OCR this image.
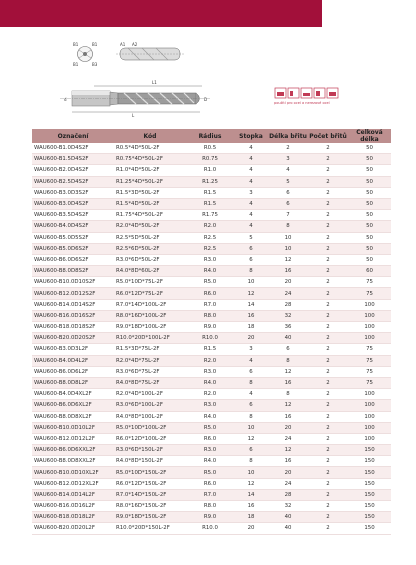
B1	B1
B1	B3
A1 A2
L1
d	D
L
použití pro ocel a nerezové ocel
Označení	Kód	Rádius	Stopka	Délka břitu	Počet břitů	Celková délka
WAU600-B1.0D4S2F	R0.5*4D*50L-2F	R0.5	4	2	2	50
WAU600-B1.5D4S2F	R0.75*4D*50L-2F	R0.75	4	3	2	50
WAU600-B2.0D4S2F	R1.0*4D*50L-2F	R1.0	4	4	2	50
WAU600-B2.5D4S2F	R1.25*4D*50L-2F	R1.25	4	5	2	50
WAU600-B3.0D3S2F	R1.5*3D*50L-2F	R1.5	3	6	2	50
WAU600-B3.0D4S2F	R1.5*4D*50L-2F	R1.5	4	6	2	50
WAU600-B3.5D4S2F	R1.75*4D*50L-2F	R1.75	4	7	2	50
WAU600-B4.0D4S2F	R2.0*4D*50L-2F	R2.0	4	8	2	50
WAU600-B5.0D5S2F	R2.5*5D*50L-2F	R2.5	5	10	2	50
WAU600-B5.0D6S2F	R2.5*6D*50L-2F	R2.5	6	10	2	50
WAU600-B6.0D6S2F	R3.0*6D*50L-2F	R3.0	6	12	2	50
WAU600-B8.0D8S2F	R4.0*8D*60L-2F	R4.0	8	16	2	60
WAU600-B10.0D10S2F	R5.0*10D*75L-2F	R5.0	10	20	2	75
WAU600-B12.0D12S2F	R6.0*12D*75L-2F	R6.0	12	24	2	75
WAU600-B14.0D14S2F	R7.0*14D*100L-2F	R7.0	14	28	2	100
WAU600-B16.0D16S2F	R8.0*16D*100L-2F	R8.0	16	32	2	100
WAU600-B18.0D18S2F	R9.0*18D*100L-2F	R9.0	18	36	2	100
WAU600-B20.0D20S2F	R10.0*20D*100L-2F	R10.0	20	40	2	100
WAU600-B3.0D3L2F	R1.5*3D*75L-2F	R1.5	3	6	2	75
WAU600-B4.0D4L2F	R2.0*4D*75L-2F	R2.0	4	8	2	75
WAU600-B6.0D6L2F	R3.0*6D*75L-2F	R3.0	6	12	2	75
WAU600-B8.0D8L2F	R4.0*8D*75L-2F	R4.0	8	16	2	75
WAU600-B4.0D4XL2F	R2.0*4D*100L-2F	R2.0	4	8	2	100
WAU600-B6.0D6XL2F	R3.0*6D*100L-2F	R3.0	6	12	2	100
WAU600-B8.0D8XL2F	R4.0*8D*100L-2F	R4.0	8	16	2	100
WAU600-B10.0D10L2F	R5.0*10D*100L-2F	R5.0	10	20	2	100
WAU600-B12.0D12L2F	R6.0*12D*100L-2F	R6.0	12	24	2	100
WAU600-B6.0D6XXL2F	R3.0*6D*150L-2F	R3.0	6	12	2	150
WAU600-B8.0D8XXL2F	R4.0*8D*150L-2F	R4.0	8	16	2	150
WAU600-B10.0D10XL2F	R5.0*10D*150L-2F	R5.0	10	20	2	150
WAU600-B12.0D12XL2F	R6.0*12D*150L-2F	R6.0	12	24	2	150
WAU600-B14.0D14L2F	R7.0*14D*150L-2F	R7.0	14	28	2	150
WAU600-B16.0D16L2F	R8.0*16D*150L-2F	R8.0	16	32	2	150
WAU600-B18.0D18L2F	R9.0*18D*150L-2F	R9.0	18	40	2	150
WAU600-B20.0D20L2F	R10.0*20D*150L-2F	R10.0	20	40	2	150
